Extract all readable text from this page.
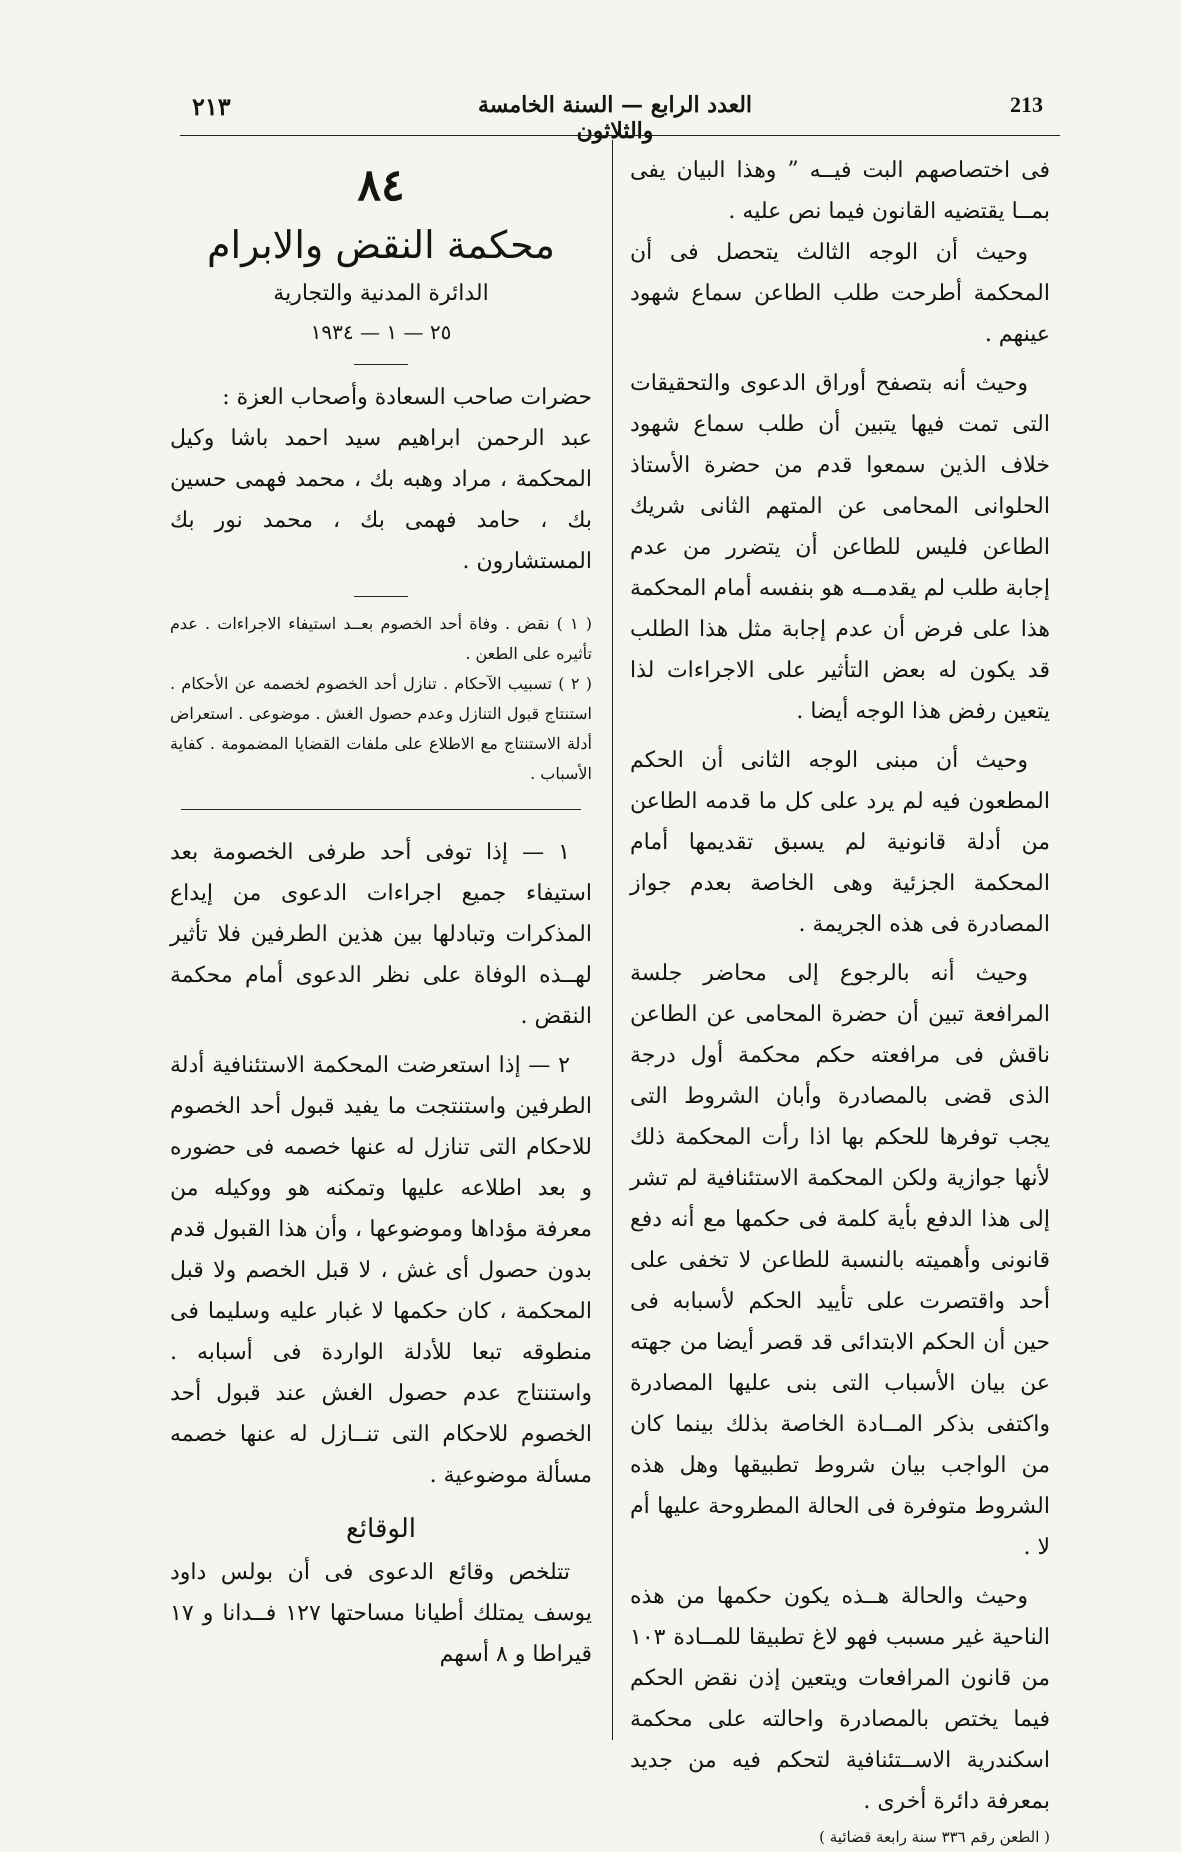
٢١٣	العدد الرابع — السنة الخامسة والثلاثون
213

فى اختصاصهم البت فيــه ” وهذا البيان يفى بمــا يقتضيه القانون فيما نص عليه .

وحيث أن الوجه الثالث يتحصل فى أن المحكمة أطرحت طلب الطاعن سماع شهود عينهم .

وحيث أنه بتصفح أوراق الدعوى والتحقيقات التى تمت فيها يتبين أن طلب سماع شهود خلاف الذين سمعوا قدم من حضرة الأستاذ الحلوانى المحامى عن المتهم الثانى شريك الطاعن فليس للطاعن أن يتضرر من عدم إجابة طلب لم يقدمــه هو بنفسه أمام المحكمة هذا على فرض أن عدم إجابة مثل هذا الطلب قد يكون له بعض التأثير على الاجراءات لذا يتعين رفض هذا الوجه أيضا .

وحيث أن مبنى الوجه الثانى أن الحكم المطعون فيه لم يرد على كل ما قدمه الطاعن من أدلة قانونية لم يسبق تقديمها أمام المحكمة الجزئية وهى الخاصة بعدم جواز المصادرة فى هذه الجريمة .

وحيث أنه بالرجوع إلى محاضر جلسة المرافعة تبين أن حضرة المحامى عن الطاعن ناقش فى مرافعته حكم محكمة أول درجة الذى قضى بالمصادرة وأبان الشروط التى يجب توفرها للحكم بها اذا رأت المحكمة ذلك لأنها جوازية ولكن المحكمة الاستئنافية لم تشر إلى هذا الدفع بأية كلمة فى حكمها مع أنه دفع قانونى وأهميته بالنسبة للطاعن لا تخفى على أحد واقتصرت على تأييد الحكم لأسبابه فى حين أن الحكم الابتدائى قد قصر أيضا من جهته عن بيان الأسباب التى بنى عليها المصادرة واكتفى بذكر المــادة الخاصة بذلك بينما كان من الواجب بيان شروط تطبيقها وهل هذه الشروط متوفرة فى الحالة المطروحة عليها أم لا .

وحيث والحالة هــذه يكون حكمها من هذه الناحية غير مسبب فهو لاغ تطبيقا للمــادة ١٠٣ من قانون المرافعات ويتعين إذن نقض الحكم فيما يختص بالمصادرة واحالته على محكمة اسكندرية الاســتئنافية لتحكم فيه من جديد بمعرفة دائرة أخرى .

( الطعن رقم ٣٣٦ سنة رابعة قضائية )

٨٤
محكمة النقض والابرام
الدائرة المدنية والتجارية
٢٥ — ١ — ١٩٣٤

حضرات صاحب السعادة وأصحاب العزة :

عبد الرحمن ابراهيم سيد احمد باشا وكيل المحكمة ، مراد وهبه بك ، محمد فهمى حسين بك ، حامد فهمى بك ، محمد نور بك المستشارون .

( ١ ) نقض . وفاة أحد الخصوم بعــد استيفاء الاجراءات . عدم تأثيره على الطعن .

( ٢ ) تسبيب الآحكام . تنازل أحد الخصوم لخصمه عن الأحكام . استنتاج قبول التنازل وعدم حصول الغش . موضوعى . استعراض أدلة الاستنتاج مع الاطلاع على ملفات القضايا المضمومة . كفاية الأسباب .

١ — إذا توفى أحد طرفى الخصومة بعد استيفاء جميع اجراءات الدعوى من إيداع المذكرات وتبادلها بين هذين الطرفين فلا تأثير لهــذه الوفاة على نظر الدعوى أمام محكمة النقض .

٢ — إذا استعرضت المحكمة الاستئنافية أدلة الطرفين واستنتجت ما يفيد قبول أحد الخصوم للاحكام التى تنازل له عنها خصمه فى حضوره و بعد اطلاعه عليها وتمكنه هو ووكيله من معرفة مؤداها وموضوعها ، وأن هذا القبول قدم بدون حصول أى غش ، لا قبل الخصم ولا قبل المحكمة ، كان حكمها لا غبار عليه وسليما فى منطوقه تبعا للأدلة الواردة فى أسبابه . واستنتاج عدم حصول الغش عند قبول أحد الخصوم للاحكام التى تنــازل له عنها خصمه مسألة موضوعية .

الوقائع

تتلخص وقائع الدعوى فى أن بولس داود يوسف يمتلك أطيانا مساحتها ١٢٧ فــدانا و ١٧ قيراطا و ٨ أسهم
